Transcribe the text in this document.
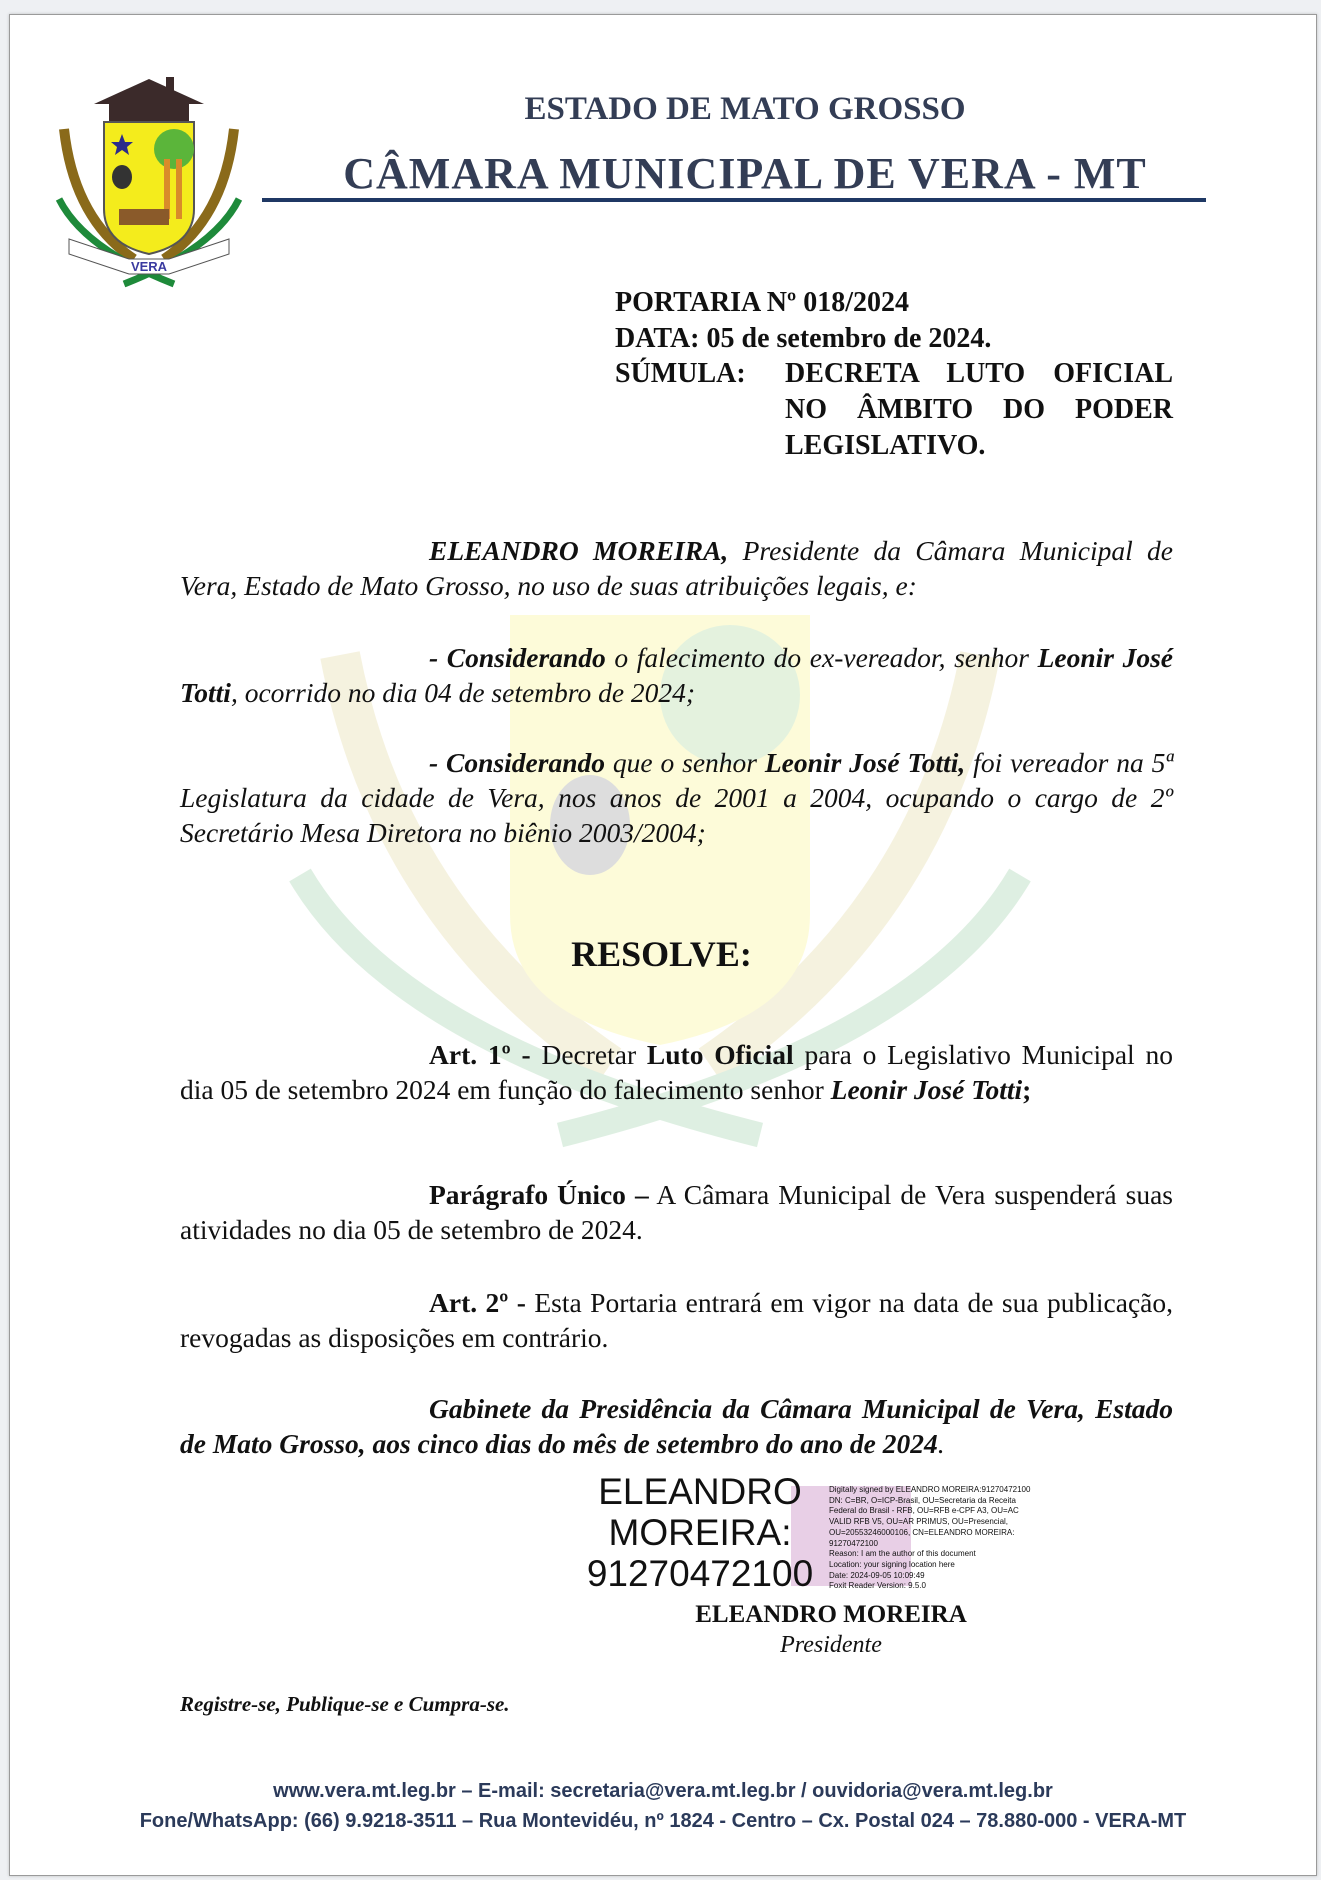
VERA
ESTADO DE MATO GROSSO
CÂMARA MUNICIPAL DE VERA - MT
PORTARIA Nº 018/2024
DATA: 05 de setembro de 2024.
SÚMULA: DECRETA LUTO OFICIAL
NO ÂMBITO DO PODER
LEGISLATIVO.
ELEANDRO MOREIRA, Presidente da Câmara Municipal de Vera, Estado de Mato Grosso, no uso de suas atribuições legais, e:
- Considerando o falecimento do ex-vereador, senhor Leonir José Totti, ocorrido no dia 04 de setembro de 2024;
- Considerando que o senhor Leonir José Totti, foi vereador na 5ª Legislatura da cidade de Vera, nos anos de 2001 a 2004, ocupando o cargo de 2º Secretário Mesa Diretora no biênio 2003/2004;
RESOLVE:
Art. 1º - Decretar Luto Oficial para o Legislativo Municipal no dia 05 de setembro 2024 em função do falecimento senhor Leonir José Totti;
Parágrafo Único – A Câmara Municipal de Vera suspenderá suas atividades no dia 05 de setembro de 2024.
Art. 2º - Esta Portaria entrará em vigor na data de sua publicação, revogadas as disposições em contrário.
Gabinete da Presidência da Câmara Municipal de Vera, Estado de Mato Grosso, aos cinco dias do mês de setembro do ano de 2024.
ELEANDRO
MOREIRA:
91270472100
Digitally signed by ELEANDRO MOREIRA:91270472100
DN: C=BR, O=ICP-Brasil, OU=Secretaria da Receita
Federal do Brasil - RFB, OU=RFB e-CPF A3, OU=AC
VALID RFB V5, OU=AR PRIMUS, OU=Presencial,
OU=20553246000106, CN=ELEANDRO MOREIRA:
91270472100
Reason: I am the author of this document
Location: your signing location here
Date: 2024-09-05 10:09:49
Foxit Reader Version: 9.5.0
ELEANDRO MOREIRA
Presidente
Registre-se, Publique-se e Cumpra-se.
www.vera.mt.leg.br – E-mail: secretaria@vera.mt.leg.br / ouvidoria@vera.mt.leg.br
Fone/WhatsApp: (66) 9.9218-3511 – Rua Montevidéu, nº 1824 - Centro – Cx. Postal 024 – 78.880-000 - VERA-MT
